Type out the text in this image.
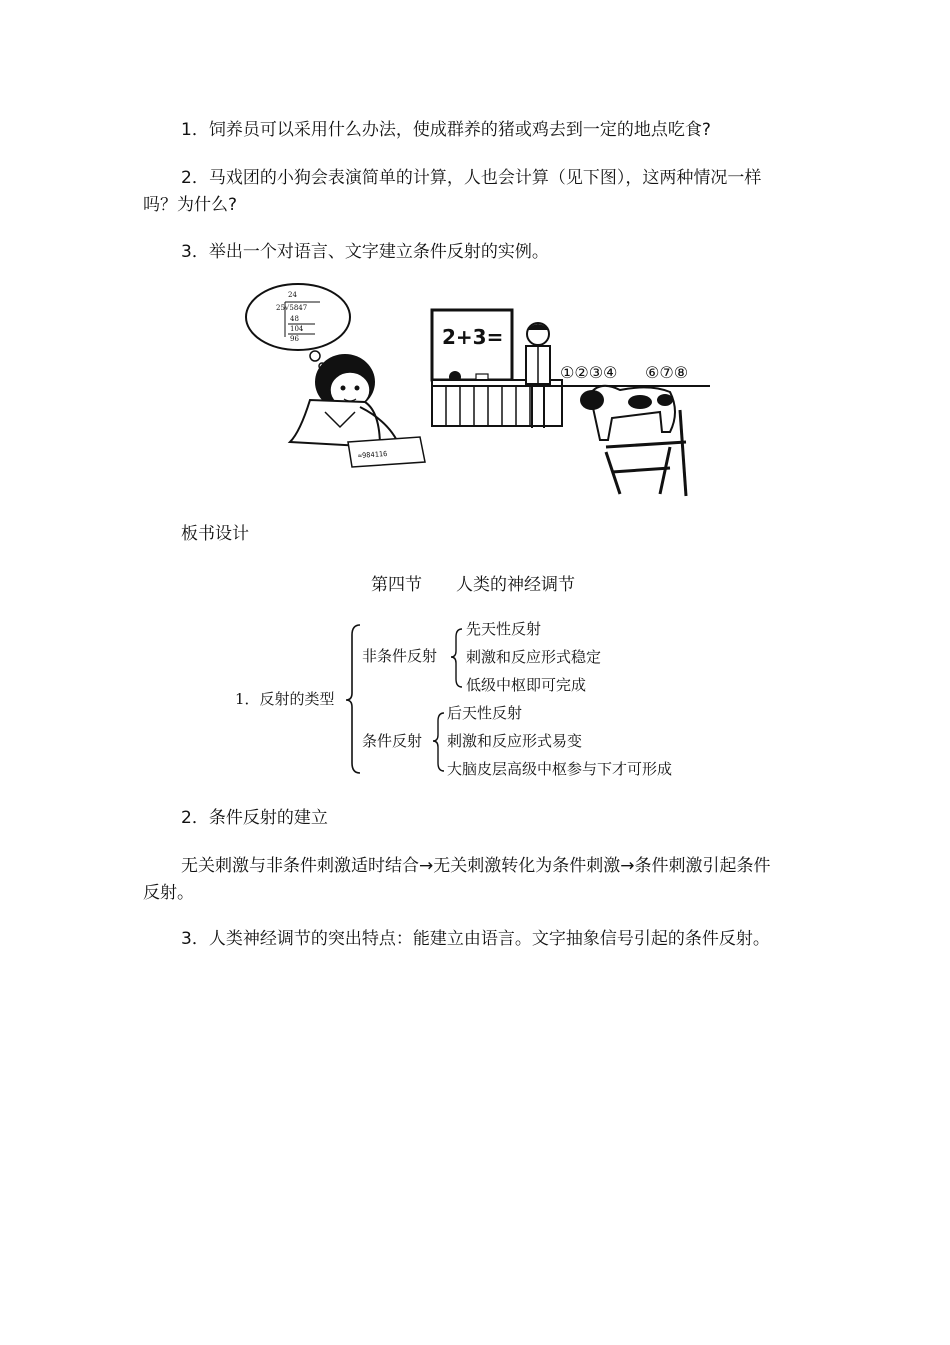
1．饲养员可以采用什么办法，使成群养的猪或鸡去到一定的地点吃食?

2．马戏团的小狗会表演简单的计算，人也会计算（见下图），这两种情况一样吗？为什么?

3．举出一个对语言、文字建立条件反射的实例。

24
25√5847
48
104
96
≈984116
2+3=
①②③④ ⑥⑦⑧

板书设计

第四节　　人类的神经调节
1．反射的类型
非条件反射
先天性反射
刺激和反应形式稳定
低级中枢即可完成
条件反射
后天性反射
刺激和反应形式易变
大脑皮层高级中枢参与下才可形成

2．条件反射的建立

无关刺激与非条件刺激适时结合→无关刺激转化为条件刺激→条件刺激引起条件反射。

3．人类神经调节的突出特点：能建立由语言。文字抽象信号引起的条件反射。
